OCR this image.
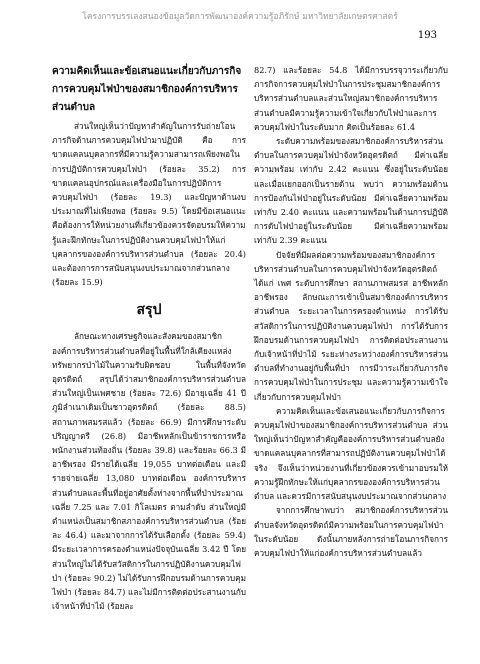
โครงการบรรเลงสนองข้อมูลวัดการพัฒนาองค์ความรู้อภิรักษ์ มหาวิทยาลัยเกษตรศาสตร์
193
ความคิดเห็นและข้อเสนอแนะเกี่ยวกับภารกิจการควบคุมไฟป่าของสมาชิกองค์การบริหารส่วนตำบล

ส่วนใหญ่เห็นว่าปัญหาสำคัญในการรับถ่ายโอนภารกิจด้านการควบคุมไฟป่ามาปฏิบัติ คือ การขาดแคลนบุคลากรที่มีความรู้ความสามารถเพียงพอในการปฏิบัติการควบคุมไฟป่า (ร้อยละ 35.2) การขาดแคลนอุปกรณ์และเครื่องมือในการปฏิบัติการควบคุมไฟป่า (ร้อยละ 19.3) และปัญหาด้านงบประมาณที่ไม่เพียงพอ (ร้อยละ 9.5) โดยมีข้อเสนอแนะคือต้องการให้หน่วยงานที่เกี่ยวข้องควรจัดอบรมให้ความรู้และฝึกทักษะในการปฏิบัติงานควบคุมไฟป่าให้แก่บุคลากรขององค์การบริหารส่วนตำบล (ร้อยละ 20.4) และต้องการการสนับสนุนงบประมาณจากส่วนกลาง (ร้อยละ 15.9)

สรุป

ลักษณะทางเศรษฐกิจและสังคมของสมาชิกองค์การบริหารส่วนตำบลที่อยู่ในพื้นที่ใกล้เคียงแหล่งทรัพยากรป่าไม้ในความรับผิดชอบ ในพื้นที่จังหวัดอุตรดิตถ์ สรุปได้ว่าสมาชิกองค์การบริหารส่วนตำบลส่วนใหญ่เป็นเพศชาย (ร้อยละ 72.6) มีอายุเฉลี่ย 41 ปี ภูมิลำเนาเดิมเป็นชาวอุตรดิตถ์ (ร้อยละ 88.5) สถานภาพสมรสแล้ว (ร้อยละ 66.9) มีการศึกษาระดับปริญญาตรี (26.8) มีอาชีพหลักเป็นข้าราชการหรือพนักงานส่วนท้องถิ่น (ร้อยละ 39.8) และร้อยละ 66.3 มีอาชีพรอง มีรายได้เฉลี่ย 19,055 บาทต่อเดือน และมีรายจ่ายเฉลี่ย 13,080 บาทต่อเดือน องค์การบริหารส่วนตำบลและพื้นที่อยู่อาศัยตั้งห่างจากพื้นที่ป่าประมาณเฉลี่ย 7.25 และ 7.01 กิโลเมตร ตามลำดับ ส่วนใหญ่มีตำแหน่งเป็นสมาชิกสภาองค์การบริหารส่วนตำบล (ร้อยละ 46.4) และมาจากการได้รับเลือกตั้ง (ร้อยละ 59.4) มีระยะเวลาการครองตำแหน่งปัจจุบันเฉลี่ย 3.42 ปี โดยส่วนใหญ่ไม่ได้รับสวัสดิการในการปฏิบัติงานควบคุมไฟป่า (ร้อยละ 90.2) ไม่ได้รับการฝึกอบรมด้านการควบคุมไฟป่า (ร้อยละ 84.7) และไม่มีการติดต่อประสานงานกับเจ้าหน้าที่ป่าไม้ (ร้อยละ

82.7) และร้อยละ 54.8 ได้มีการบรรจุวาระเกี่ยวกับภารกิจการควบคุมไฟป่าในการประชุมสมาชิกองค์การบริหารส่วนตำบลและส่วนใหญ่สมาชิกองค์การบริหารส่วนตำบลมีความรู้ความเข้าใจเกี่ยวกับไฟป่าและการควบคุมไฟป่าในระดับมาก คิดเป็นร้อยละ 61.4

ระดับความพร้อมของสมาชิกองค์การบริหารส่วนตำบลในการควบคุมไฟป่าจังหวัดอุตรดิตถ์ มีค่าเฉลี่ยความพร้อม เท่ากับ 2.42 คะแนน ซึ่งอยู่ในระดับน้อย และเมื่อแยกออกเป็นรายด้าน พบว่า ความพร้อมด้านการป้องกันไฟป่าอยู่ในระดับน้อย มีค่าเฉลี่ยความพร้อมเท่ากับ 2.40 คะแนน และความพร้อมในด้านการปฏิบัติการดับไฟป่าอยู่ในระดับน้อย มีค่าเฉลี่ยความพร้อมเท่ากับ 2.39 คะแนน

ปัจจัยที่มีผลต่อความพร้อมของสมาชิกองค์การบริหารส่วนตำบลในการควบคุมไฟป่าจังหวัดอุตรดิตถ์ ได้แก่ เพศ ระดับการศึกษา สถานภาพสมรส อาชีพหลัก อาชีพรอง ลักษณะการเข้าเป็นสมาชิกองค์การบริหารส่วนตำบล ระยะเวลาในการครองตำแหน่ง การได้รับสวัสดิการในการปฏิบัติงานควบคุมไฟป่า การได้รับการฝึกอบรมด้านการควบคุมไฟป่า การติดต่อประสานงานกับเจ้าหน้าที่ป่าไม้ ระยะห่างระหว่างองค์การบริหารส่วนตำบลที่ทำงานอยู่กับพื้นที่ป่า การมีวาระเกี่ยวกับภารกิจการควบคุมไฟป่าในการประชุม และความรู้ความเข้าใจเกี่ยวกับการควบคุมไฟป่า

ความคิดเห็นและข้อเสนอแนะเกี่ยวกับภารกิจการควบคุมไฟป่าของสมาชิกองค์การบริหารส่วนตำบล ส่วนใหญ่เห็นว่าปัญหาสำคัญคือองค์การบริหารส่วนตำบลยังขาดแคลนบุคลากรที่สามารถปฏิบัติงานควบคุมไฟป่าได้จริง จึงเห็นว่าหน่วยงานที่เกี่ยวข้องควรเข้ามาอบรมให้ความรู้ฝึกทักษะให้แก่บุคลากรขององค์การบริหารส่วนตำบล และควรมีการสนับสนุนงบประมาณจากส่วนกลาง

จากการศึกษาพบว่า สมาชิกองค์การบริหารส่วนตำบลจังหวัดอุตรดิตถ์มีความพร้อมในการควบคุมไฟป่าในระดับน้อย ดังนั้นภายหลังการถ่ายโอนภารกิจการควบคุมไฟป่าให้แก่องค์การบริหารส่วนตำบลแล้ว
